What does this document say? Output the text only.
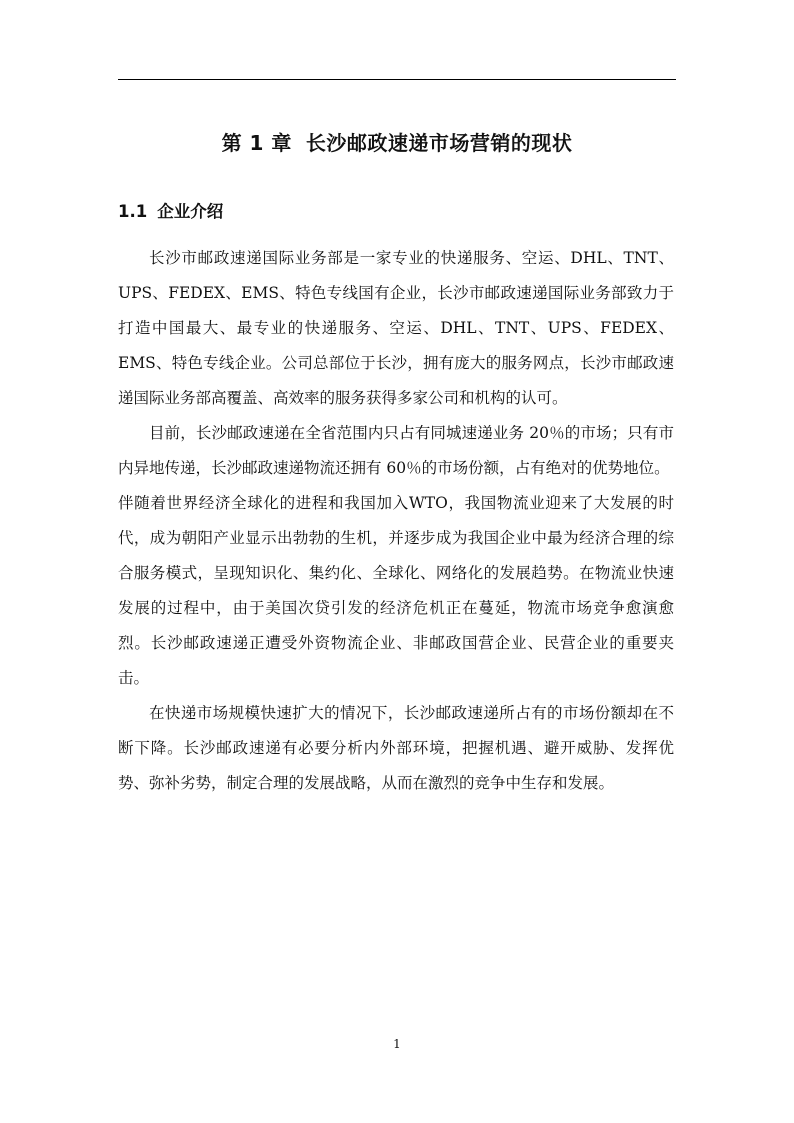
第 1 章 长沙邮政速递市场营销的现状
1.1 企业介绍

长沙市邮政速递国际业务部是一家专业的快递服务、空运、DHL、TNT、UPS、FEDEX、EMS、特色专线国有企业，长沙市邮政速递国际业务部致力于打造中国最大、最专业的快递服务、空运、DHL、TNT、UPS、FEDEX、EMS、特色专线企业。公司总部位于长沙，拥有庞大的服务网点，长沙市邮政速递国际业务部高覆盖、高效率的服务获得多家公司和机构的认可。

目前，长沙邮政速递在全省范围内只占有同城速递业务 20％的市场；只有市内异地传递，长沙邮政速递物流还拥有 60％的市场份额，占有绝对的优势地位。

伴随着世界经济全球化的进程和我国加入WTO，我国物流业迎来了大发展的时代，成为朝阳产业显示出勃勃的生机，并逐步成为我国企业中最为经济合理的综合服务模式，呈现知识化、集约化、全球化、网络化的发展趋势。在物流业快速发展的过程中，由于美国次贷引发的经济危机正在蔓延，物流市场竞争愈演愈烈。长沙邮政速递正遭受外资物流企业、非邮政国营企业、民营企业的重要夹击。

在快递市场规模快速扩大的情况下，长沙邮政速递所占有的市场份额却在不断下降。长沙邮政速递有必要分析内外部环境，把握机遇、避开威胁、发挥优势、弥补劣势，制定合理的发展战略，从而在激烈的竞争中生存和发展。

1
